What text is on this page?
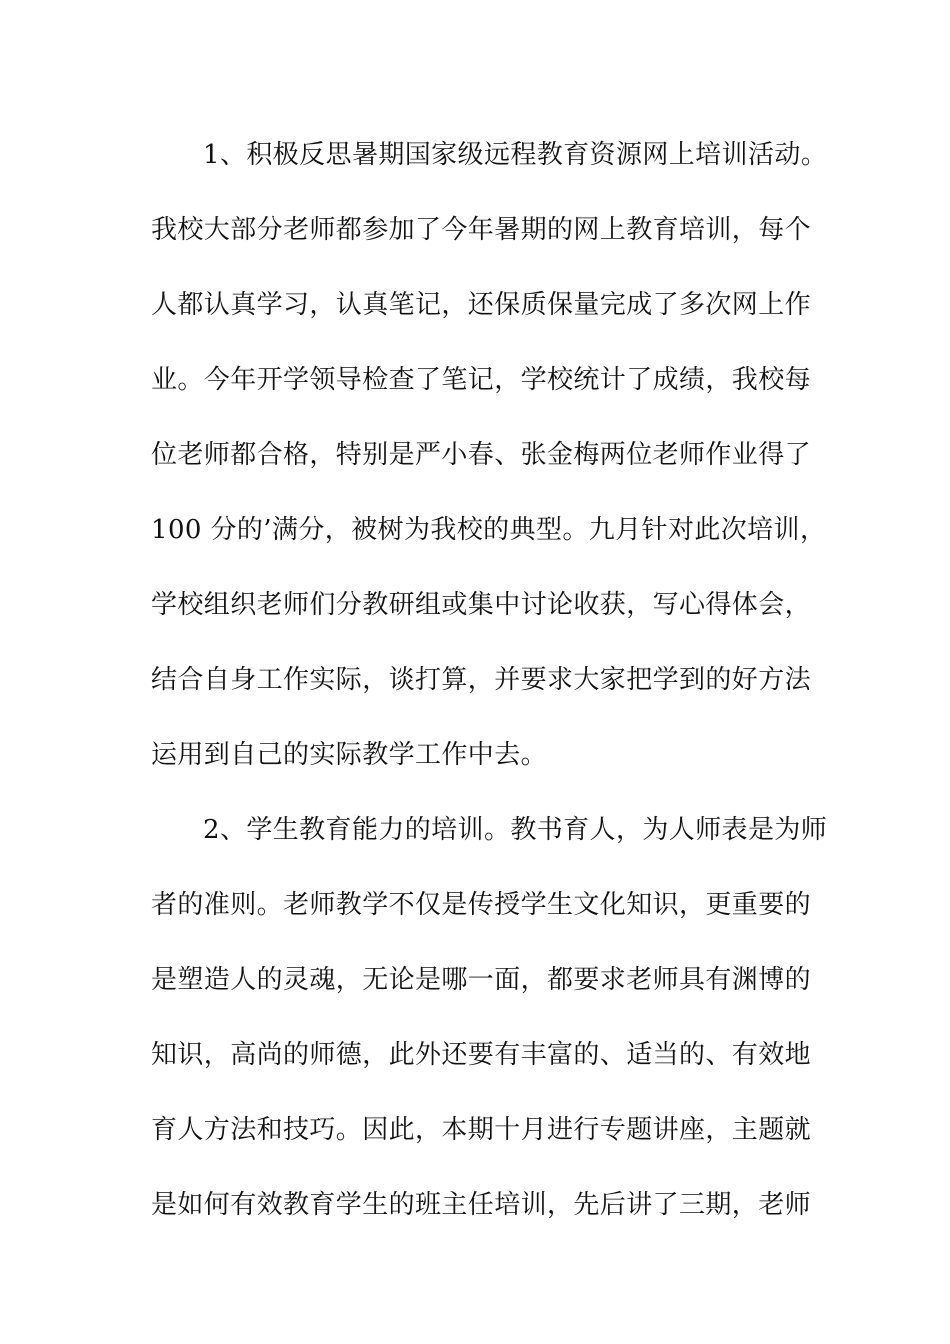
1、积极反思暑期国家级远程教育资源网上培训活动。
我校大部分老师都参加了今年暑期的网上教育培训，每个
人都认真学习，认真笔记，还保质保量完成了多次网上作
业。今年开学领导检查了笔记，学校统计了成绩，我校每
位老师都合格，特别是严小春、张金梅两位老师作业得了
100 分的’满分，被树为我校的典型。九月针对此次培训，
学校组织老师们分教研组或集中讨论收获，写心得体会，
结合自身工作实际，谈打算，并要求大家把学到的好方法
运用到自己的实际教学工作中去。
2、学生教育能力的培训。教书育人，为人师表是为师
者的准则。老师教学不仅是传授学生文化知识，更重要的
是塑造人的灵魂，无论是哪一面，都要求老师具有渊博的
知识，高尚的师德，此外还要有丰富的、适当的、有效地
育人方法和技巧。因此，本期十月进行专题讲座，主题就
是如何有效教育学生的班主任培训，先后讲了三期，老师
